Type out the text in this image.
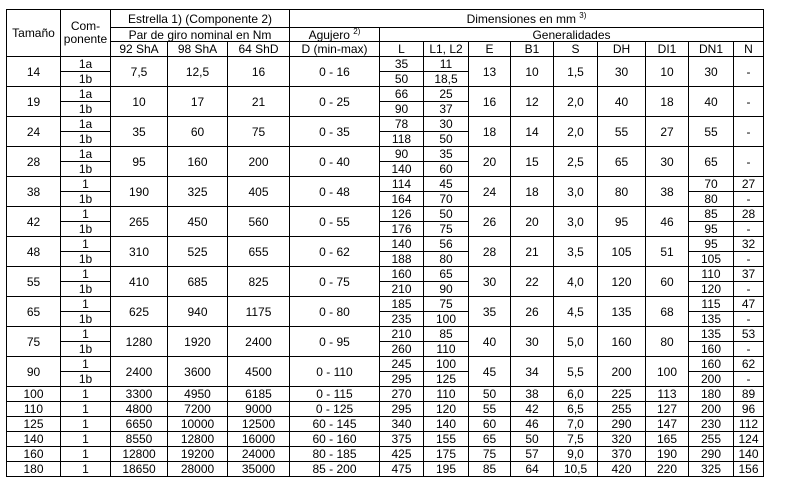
Tamaño	Com-
ponente	Estrella 1) (Componente 2)			Dimensiones en mm $^{3)}$
		Par de giro nominal en Nm			Agujero $^{2)}$	Generalidades								
		92 ShA	98 ShA	64 ShD	D (min-max)	L	L1, L2	E	B1	S	DH	DI1	DN1	N
14	1a	7,5	12,5	16	0 - 16	35	11	13	10	1,5	30	10	30	-
	1b					50	18,5							
19	1a	10	17	21	0 - 25	66	25	16	12	2,0	40	18	40	-
	1b					90	37							
24	1a	35	60	75	0 - 35	78	30	18	14	2,0	55	27	55	-
	1b					118	50							
28	1a	95	160	200	0 - 40	90	35	20	15	2,5	65	30	65	-
	1b					140	60							
38	1	190	325	405	0 - 48	114	45	24	18	3,0	80	38	70	27
	1b					164	70						80	-
42	1	265	450	560	0 - 55	126	50	26	20	3,0	95	46	85	28
	1b					176	75						95	-
48	1	310	525	655	0 - 62	140	56	28	21	3,5	105	51	95	32
	1b					188	80						105	-
55	1	410	685	825	0 - 75	160	65	30	22	4,0	120	60	110	37
	1b					210	90						120	-
65	1	625	940	1175	0 - 80	185	75	35	26	4,5	135	68	115	47
	1b					235	100						135	-
75	1	1280	1920	2400	0 - 95	210	85	40	30	5,0	160	80	135	53
	1b					260	110						160	-
90	1	2400	3600	4500	0 - 110	245	100	45	34	5,5	200	100	160	62
	1b					295	125						200	-
100	1	3300	4950	6185	0 - 115	270	110	50	38	6,0	225	113	180	89
110	1	4800	7200	9000	0 - 125	295	120	55	42	6,5	255	127	200	96
125	1	6650	10000	12500	60 - 145	340	140	60	46	7,0	290	147	230	112
140	1	8550	12800	16000	60 - 160	375	155	65	50	7,5	320	165	255	124
160	1	12800	19200	24000	80 - 185	425	175	75	57	9,0	370	190	290	140
180	1	18650	28000	35000	85 - 200	475	195	85	64	10,5	420	220	325	156
